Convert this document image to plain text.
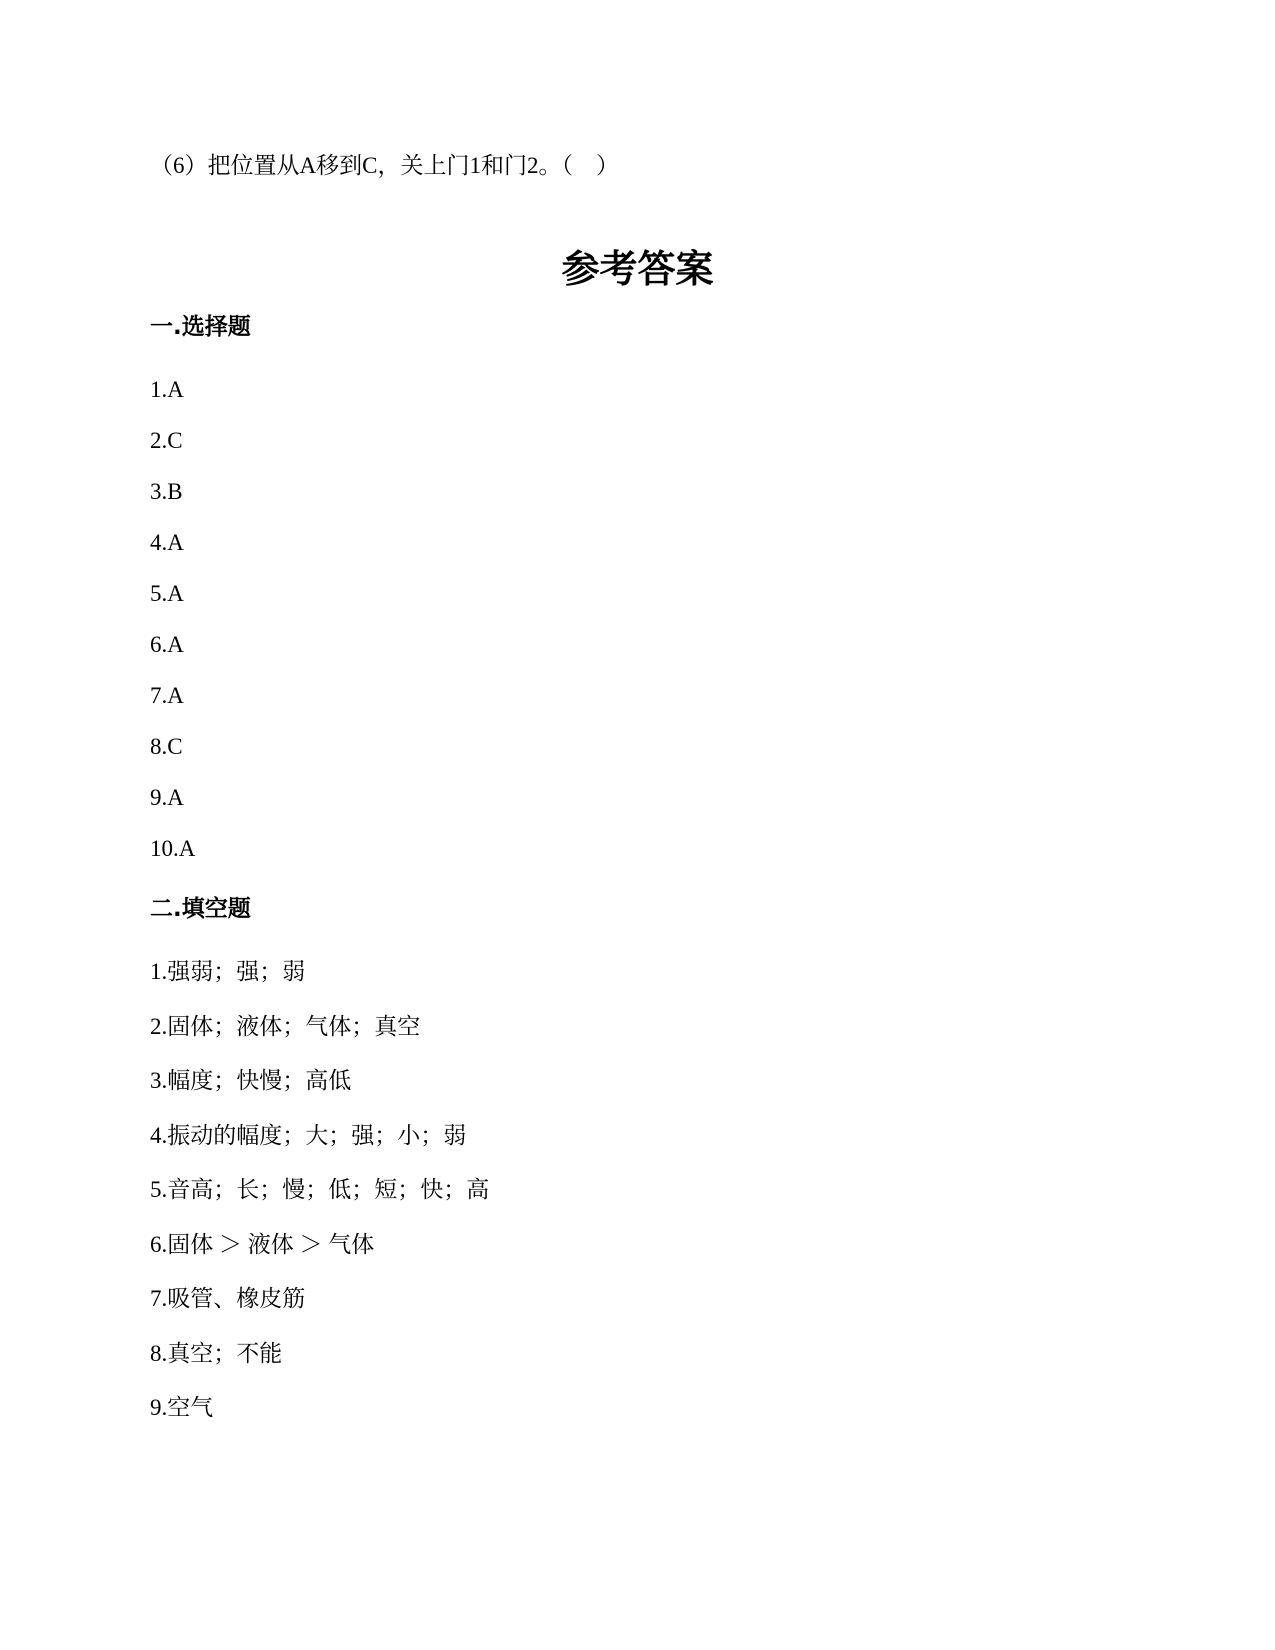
（6）把位置从A移到C，关上门1和门2。（　）
参考答案
一.选择题
1.A
2.C
3.B
4.A
5.A
6.A
7.A
8.C
9.A
10.A
二.填空题
1.强弱；强；弱
2.固体；液体；气体；真空
3.幅度；快慢；高低
4.振动的幅度；大；强；小；弱
5.音高；长；慢；低；短；快；高
6.固体 ＞ 液体 ＞ 气体
7.吸管、橡皮筋
8.真空；不能
9.空气
